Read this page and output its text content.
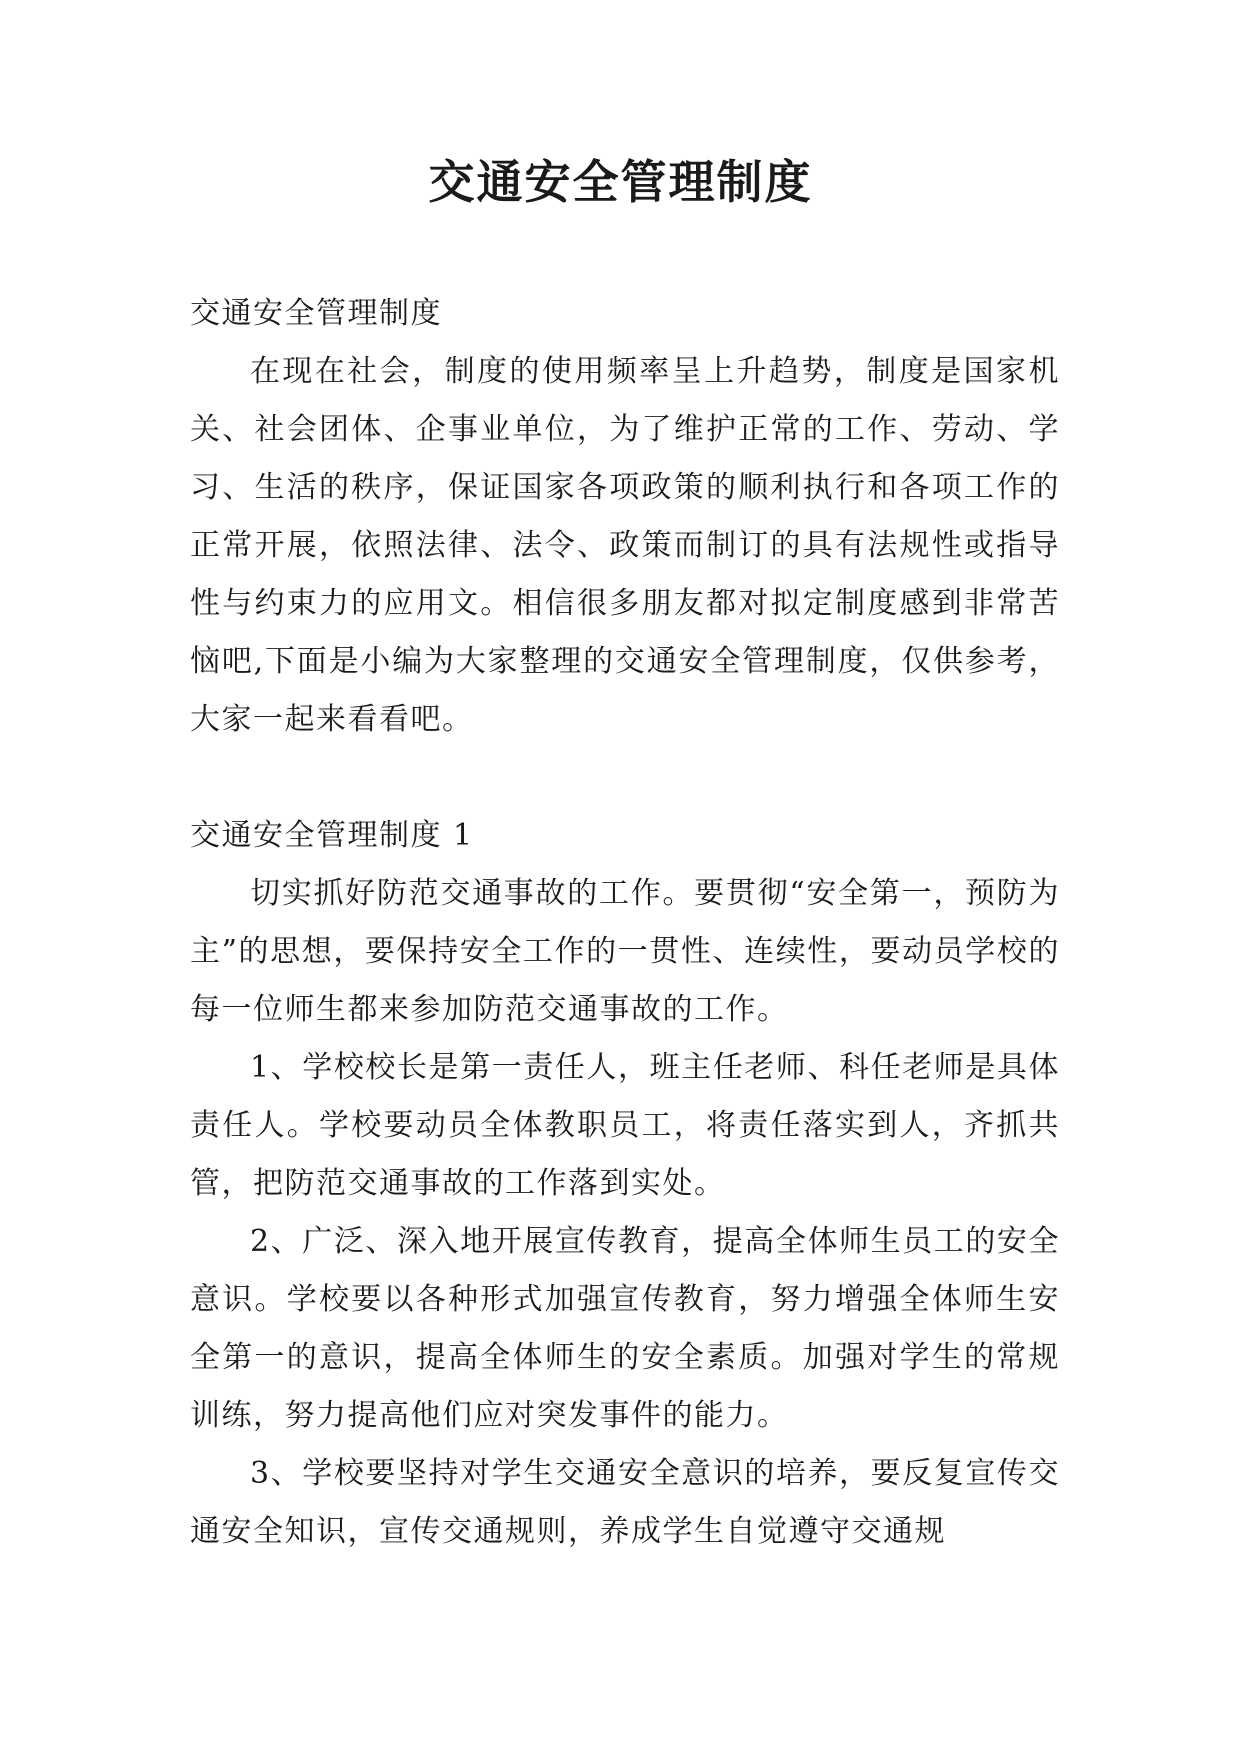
交通安全管理制度

交通安全管理制度

在现在社会，制度的使用频率呈上升趋势，制度是国家机关、社会团体、企事业单位，为了维护正常的工作、劳动、学习、生活的秩序，保证国家各项政策的顺利执行和各项工作的正常开展，依照法律、法令、政策而制订的具有法规性或指导性与约束力的应用文。相信很多朋友都对拟定制度感到非常苦恼吧,下面是小编为大家整理的交通安全管理制度，仅供参考，大家一起来看看吧。

交通安全管理制度 1

切实抓好防范交通事故的工作。要贯彻“安全第一，预防为主”的思想，要保持安全工作的一贯性、连续性，要动员学校的每一位师生都来参加防范交通事故的工作。

1、学校校长是第一责任人，班主任老师、科任老师是具体责任人。学校要动员全体教职员工，将责任落实到人，齐抓共管，把防范交通事故的工作落到实处。

2、广泛、深入地开展宣传教育，提高全体师生员工的安全意识。学校要以各种形式加强宣传教育，努力增强全体师生安全第一的意识，提高全体师生的安全素质。加强对学生的常规训练，努力提高他们应对突发事件的能力。

3、学校要坚持对学生交通安全意识的培养，要反复宣传交通安全知识，宣传交通规则，养成学生自觉遵守交通规
